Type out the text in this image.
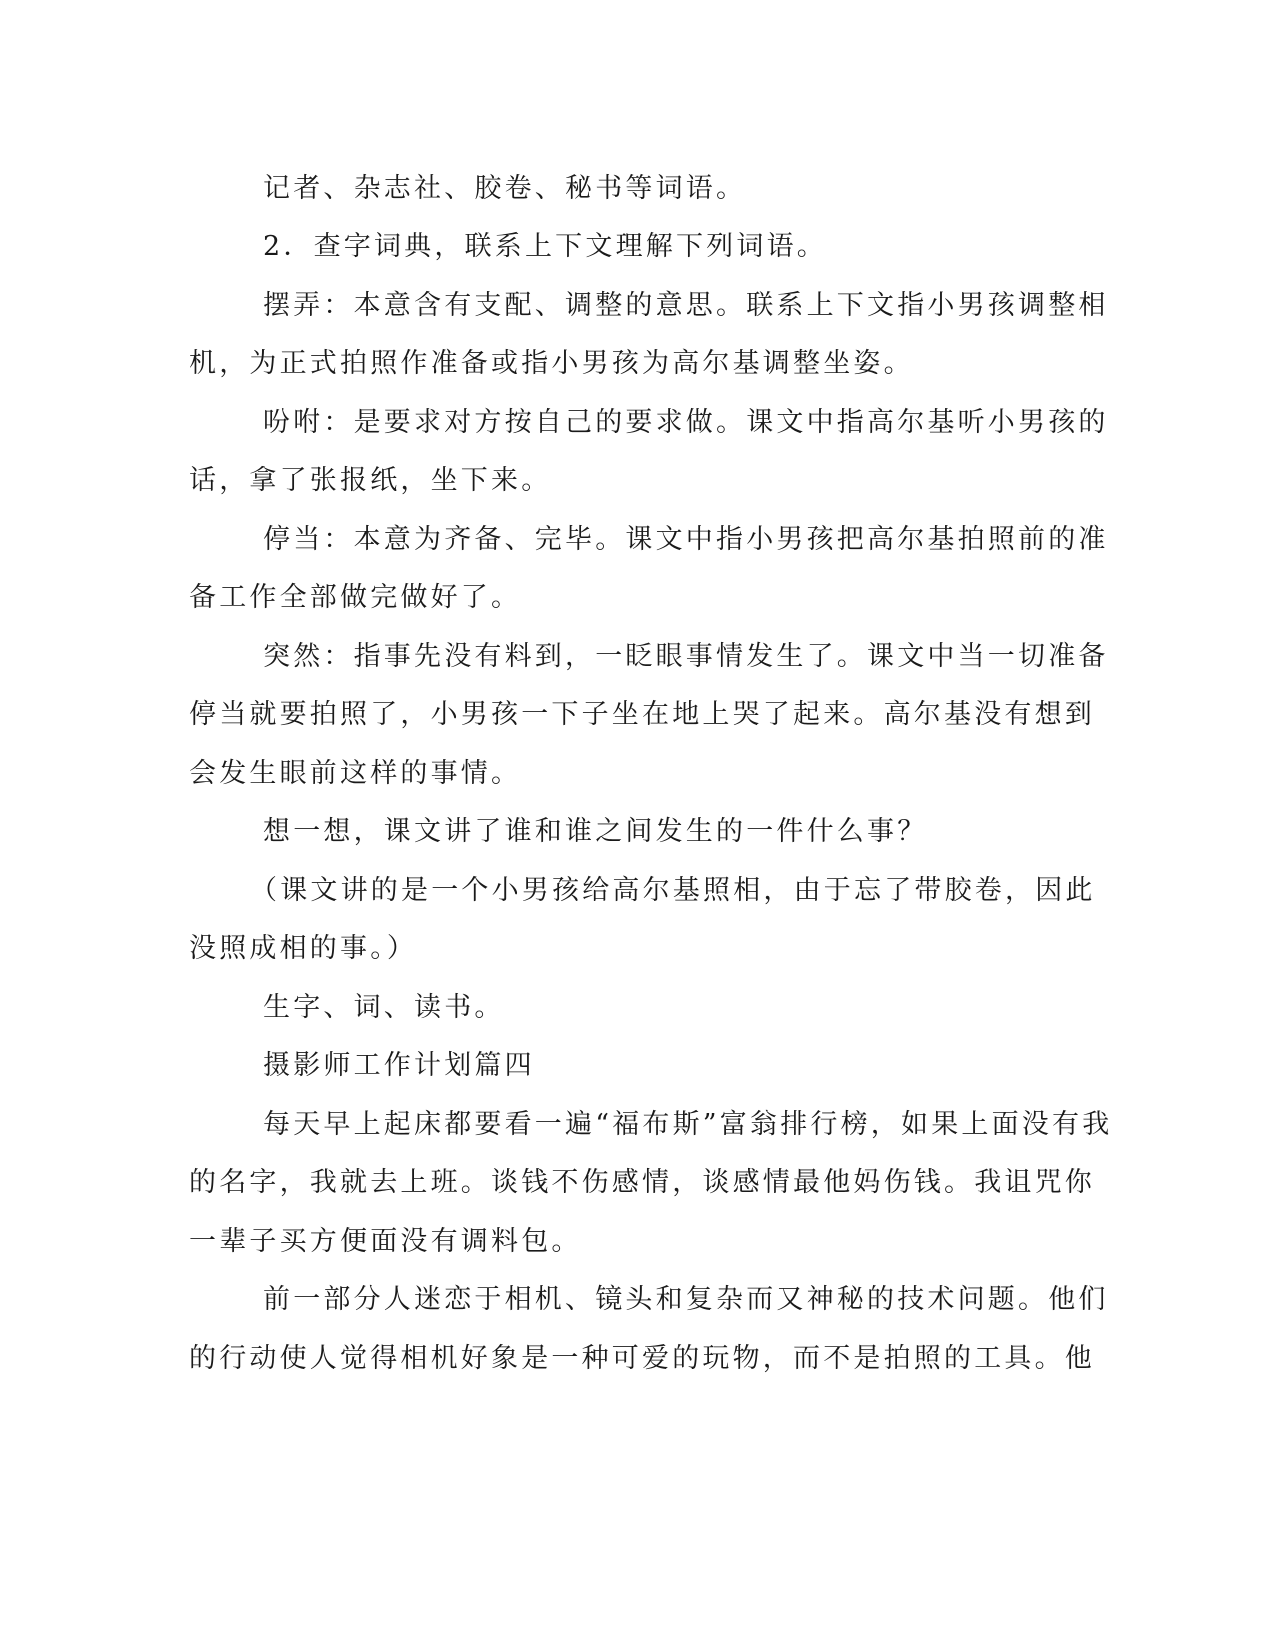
记者、杂志社、胶卷、秘书等词语。

2．查字词典，联系上下文理解下列词语。

摆弄：本意含有支配、调整的意思。联系上下文指小男孩调整相

机，为正式拍照作准备或指小男孩为高尔基调整坐姿。

吩咐：是要求对方按自己的要求做。课文中指高尔基听小男孩的

话，拿了张报纸，坐下来。

停当：本意为齐备、完毕。课文中指小男孩把高尔基拍照前的准

备工作全部做完做好了。

突然：指事先没有料到，一眨眼事情发生了。课文中当一切准备

停当就要拍照了，小男孩一下子坐在地上哭了起来。高尔基没有想到

会发生眼前这样的事情。

想一想，课文讲了谁和谁之间发生的一件什么事？

（课文讲的是一个小男孩给高尔基照相，由于忘了带胶卷，因此

没照成相的事。）

生字、词、读书。

摄影师工作计划篇四

每天早上起床都要看一遍“福布斯”富翁排行榜，如果上面没有我

的名字，我就去上班。谈钱不伤感情，谈感情最他妈伤钱。我诅咒你

一辈子买方便面没有调料包。

前一部分人迷恋于相机、镜头和复杂而又神秘的技术问题。他们

的行动使人觉得相机好象是一种可爱的玩物，而不是拍照的工具。他
